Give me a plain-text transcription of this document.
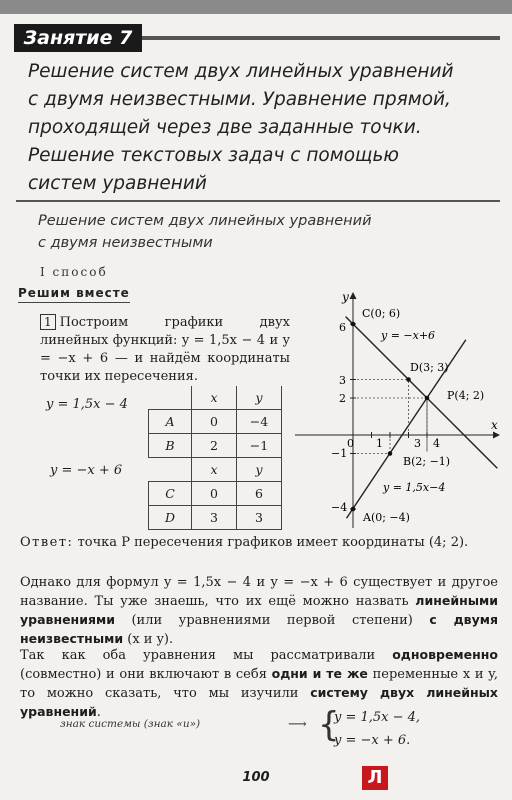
Занятие 7
Решение систем двух линейных уравнений
с двумя неизвестными. Уравнение прямой,
проходящей через две заданные точки.
Решение текстовых задач с помощью
систем уравнений
Решение систем двух линейных уравнений
с двумя неизвестными
I способ
Решим вместе
1 Построим графики двух линейных функций: y = 1,5x − 4 и y = −x + 6 — и найдём координаты точки их пересечения.
y = 1,5x − 4
		x	y
A	0	−4
B	2	−1
y = −x + 6
		x	y
C	0	6
D	3	3
x
y
0 1	3 4
6
3
2
−1
−4
C(0; 6)
D(3; 3)
P(4; 2)
B(2; −1)
A(0; −4)
y = −x+6
y = 1,5x−4
Ответ: точка P пересечения графиков имеет координаты (4; 2).
Однако для формул y = 1,5x − 4 и y = −x + 6 существует и другое название. Ты уже знаешь, что их ещё можно назвать линейными уравнениями (или уравнениями первой степени) с двумя неизвестными (x и y).
Так как оба уравнения мы рассматривали одновременно (совместно) и они включают в себя одни и те же переменные x и y, то можно сказать, что мы изучили систему двух линейных уравнений.
знак системы (знак «и»)	⟶ {
y = 1,5x − 4,
y = −x + 6.
100	Л
